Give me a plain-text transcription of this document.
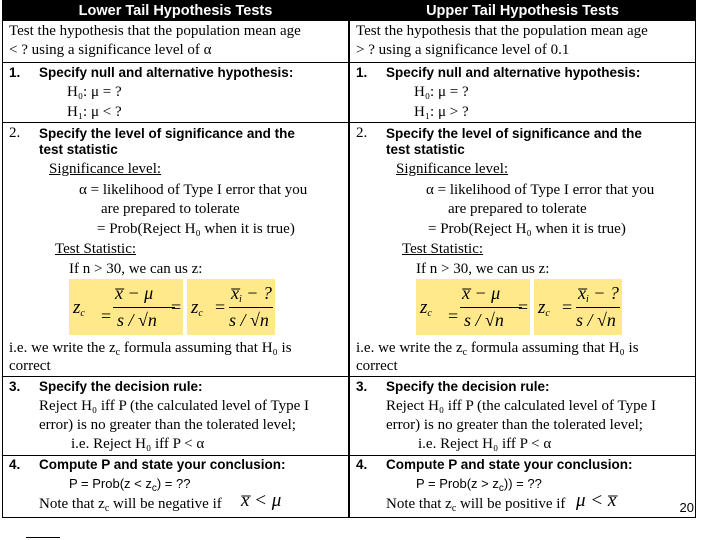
Lower Tail Hypothesis Tests
Test the hypothesis that the population mean age
< ? using a significance level of α
1. Specify null and alternative hypothesis:
H₀: μ = ?
H₁: μ < ?
2. Specify the level of significance and the
test statistic
Significance level:
α = likelihood of Type I error that you
are prepared to tolerate
= Prob(Reject H₀ when it is true)
Test Statistic:
If n > 30, we can us z:
$z_c$ =
x̅ − μ
s / √n
= $z_c$ =
$x̅_i$ − ?
s / √n
i.e. we write the $z_c$ formula assuming that H₀ is
correct
3. Specify the decision rule:
Reject H₀ iff P (the calculated level of Type I
error) is no greater than the tolerated level;
i.e. Reject H₀ iff P < α
4. Compute P and state your conclusion:
P = Prob(z < $z_c$) = ??
Note that $z_c$ will be negative if x̅ < μ
Upper Tail Hypothesis Tests
Test the hypothesis that the population mean age
> ? using a significance level of 0.1
1. Specify null and alternative hypothesis:
H₀: μ = ?
H₁: μ > ?
2. Specify the level of significance and the
test statistic
Significance level:
α = likelihood of Type I error that you
are prepared to tolerate
= Prob(Reject H₀ when it is true)
Test Statistic:
If n > 30, we can us z:
$z_c$ =
x̅ − μ
s / √n
= $z_c$ =
$x̅_i$ − ?
s / √n
i.e. we write the $z_c$ formula assuming that H₀ is
correct
3. Specify the decision rule:
Reject H₀ iff P (the calculated level of Type I
error) is no greater than the tolerated level;
i.e. Reject H₀ iff P < α
4. Compute P and state your conclusion:
P = Prob(z > $z_c$)) = ??
Note that $z_c$ will be positive if μ < x̅	20
